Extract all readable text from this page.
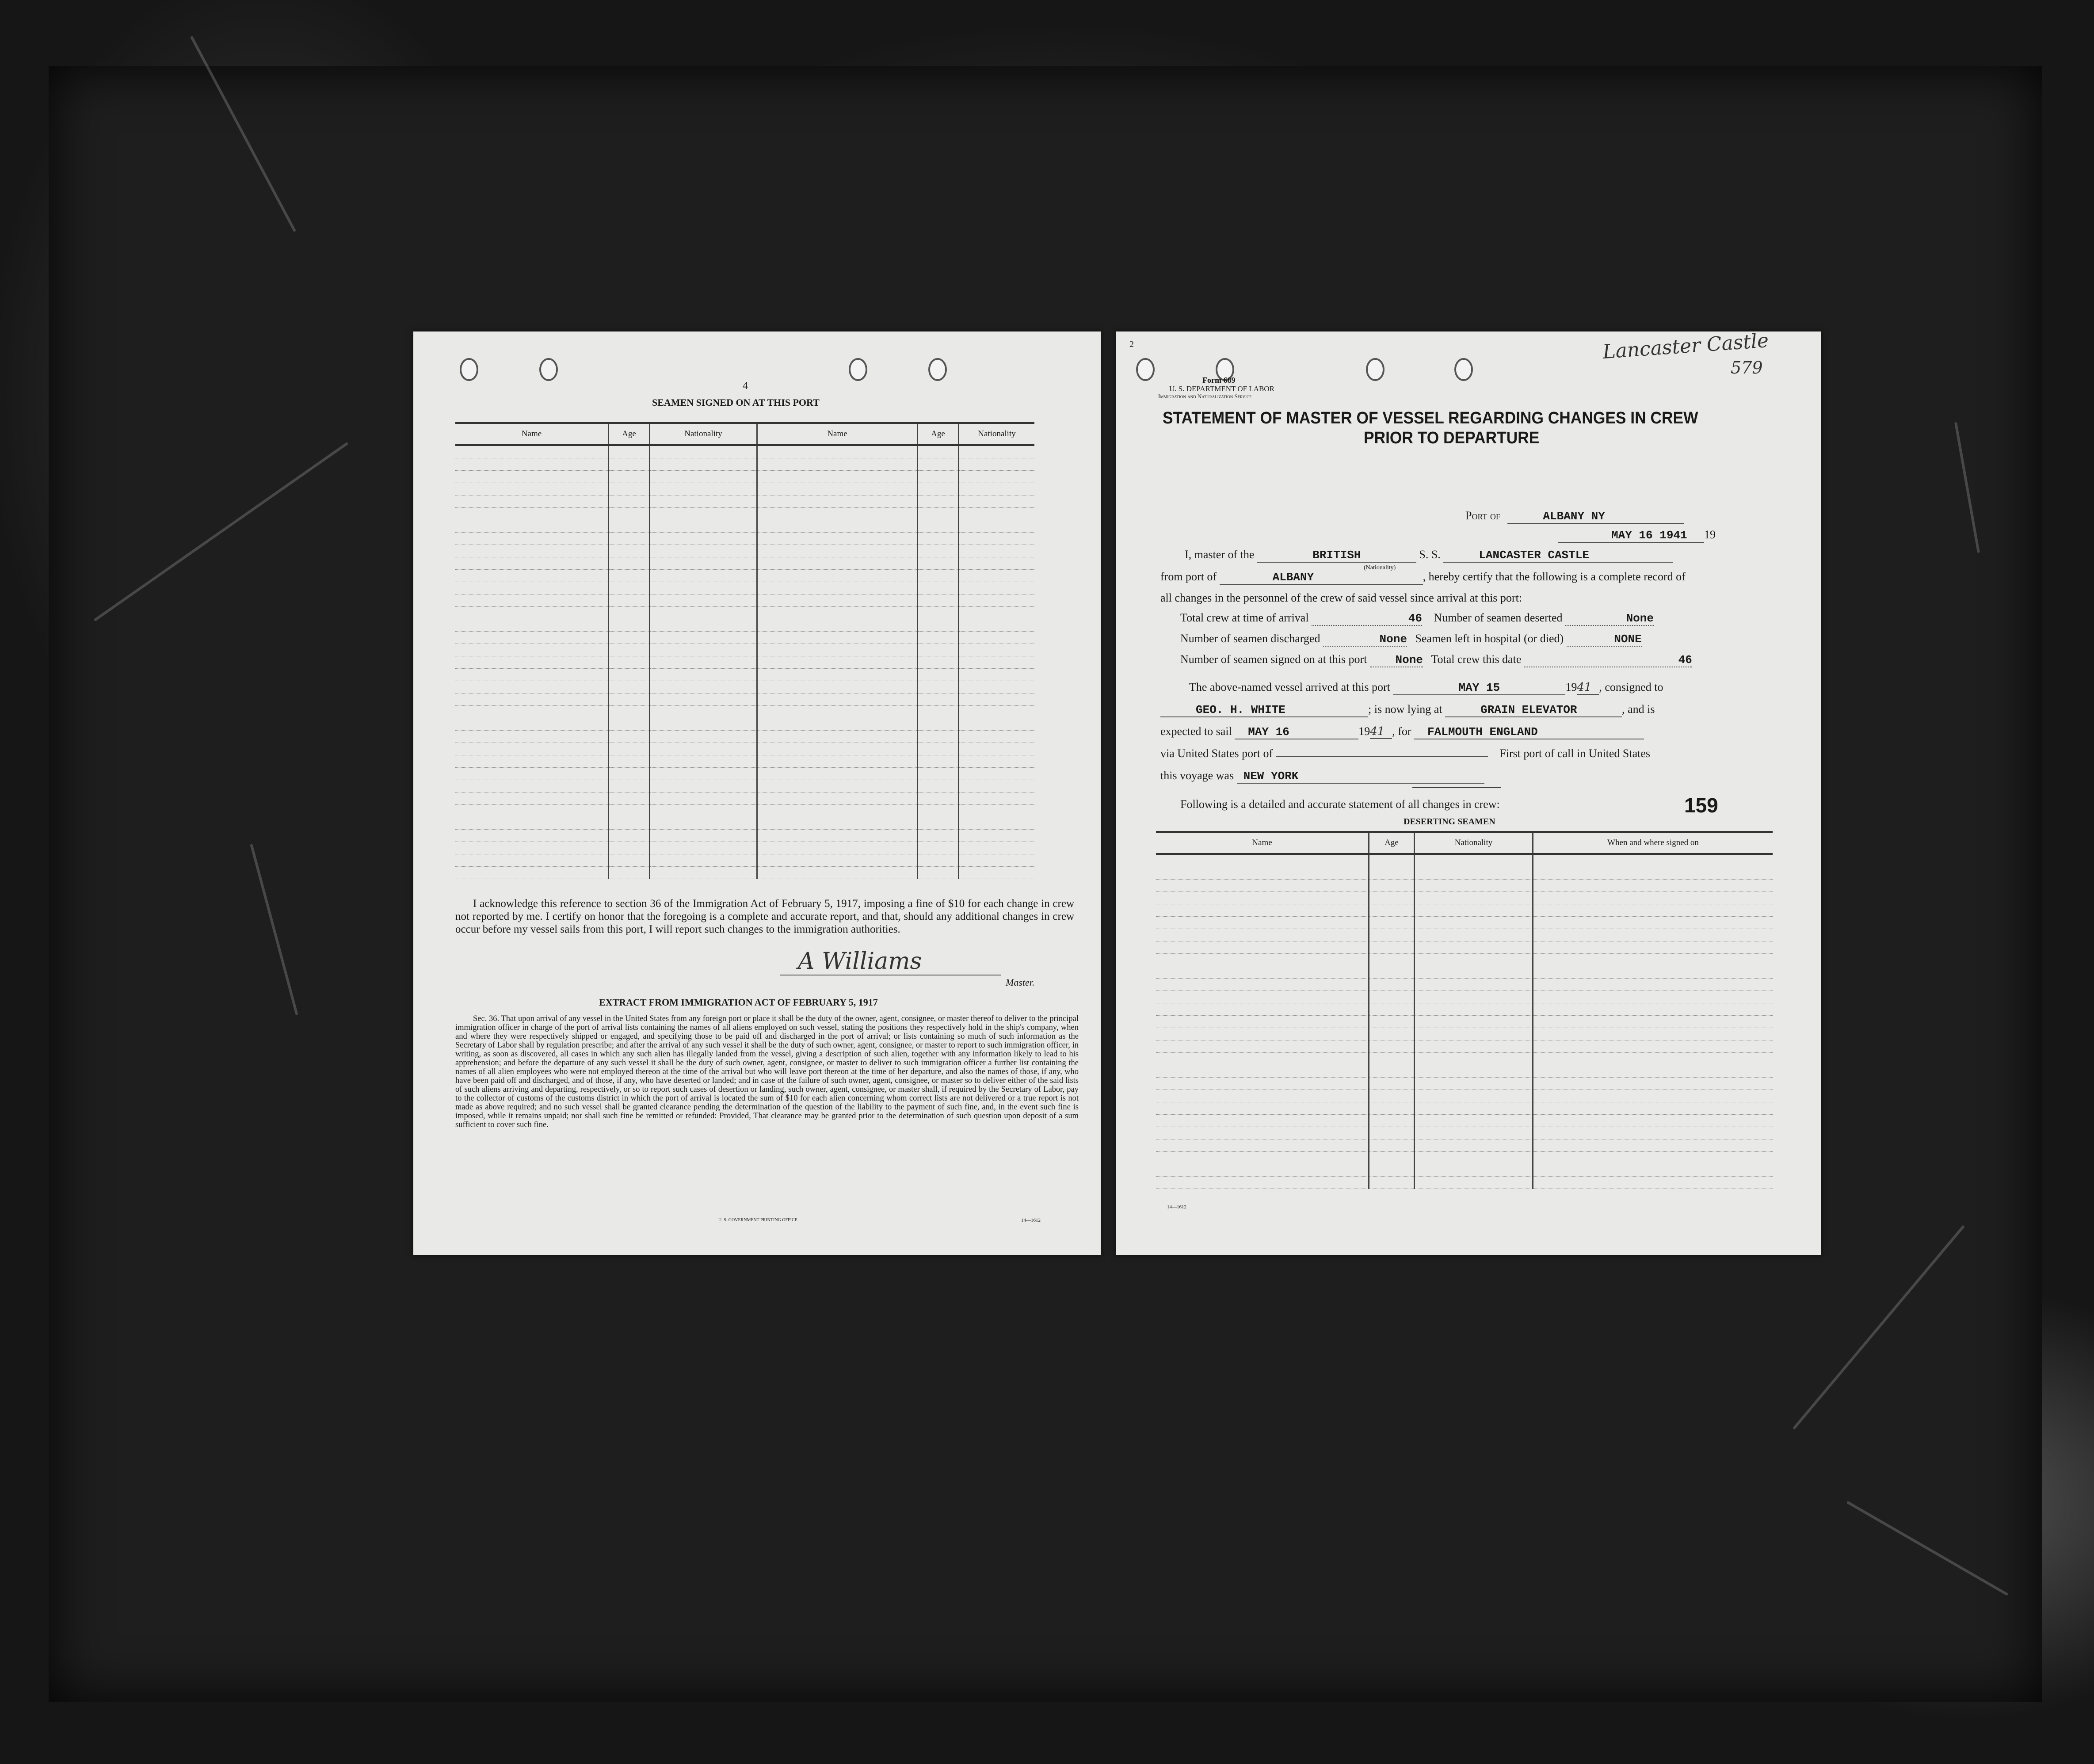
4
SEAMEN SIGNED ON AT THIS PORT
Name	Age	Nationality	Name	Age	Nationality

I acknowledge this reference to section 36 of the Immigration Act of February 5, 1917, imposing a fine of $10 for each change in crew not reported by me. I certify on honor that the foregoing is a complete and accurate report, and that, should any additional changes in crew occur before my vessel sails from this port, I will report such changes to the immigration authorities.
A Williams
Master.
EXTRACT FROM IMMIGRATION ACT OF FEBRUARY 5, 1917
Sec. 36. That upon arrival of any vessel in the United States from any foreign port or place it shall be the duty of the owner, agent, consignee, or master thereof to deliver to the principal immigration officer in charge of the port of arrival lists containing the names of all aliens employed on such vessel, stating the positions they respectively hold in the ship's company, when and where they were respectively shipped or engaged, and specifying those to be paid off and discharged in the port of arrival; or lists containing so much of such information as the Secretary of Labor shall by regulation prescribe; and after the arrival of any such vessel it shall be the duty of such owner, agent, consignee, or master to report to such immigration officer, in writing, as soon as discovered, all cases in which any such alien has illegally landed from the vessel, giving a description of such alien, together with any information likely to lead to his apprehension; and before the departure of any such vessel it shall be the duty of such owner, agent, consignee, or master to deliver to such immigration officer a further list containing the names of all alien employees who were not employed thereon at the time of the arrival but who will leave port thereon at the time of her departure, and also the names of those, if any, who have been paid off and discharged, and of those, if any, who have deserted or landed; and in case of the failure of such owner, agent, consignee, or master so to deliver either of the said lists of such aliens arriving and departing, respectively, or so to report such cases of desertion or landing, such owner, agent, consignee, or master shall, if required by the Secretary of Labor, pay to the collector of customs of the customs district in which the port of arrival is located the sum of $10 for each alien concerning whom correct lists are not delivered or a true report is not made as above required; and no such vessel shall be granted clearance pending the determination of the question of the liability to the payment of such fine, and, in the event such fine is imposed, while it remains unpaid; nor shall such fine be remitted or refunded: Provided, That clearance may be granted prior to the determination of such question upon deposit of a sum sufficient to cover such fine.
U. S. GOVERNMENT PRINTING OFFICE	14—1612
2	Lancaster Castle
579
Form 689
U. S. DEPARTMENT OF LABOR
Immigration and Naturalization Service
STATEMENT OF MASTER OF VESSEL REGARDING CHANGES IN CREW
PRIOR TO DEPARTURE
Port of	ALBANY NY
MAY 16 1941 19
I, master of the	BRITISH	S. S.	LANCASTER CASTLE
(Nationality)
from port of	ALBANY	, hereby certify that the following is a complete record of
all changes in the personnel of the crew of said vessel since arrival at this port:
Total crew at time of arrival	46 Number of seamen deserted	None
Number of seamen discharged	None Seamen left in hospital (or died)	NONE
Number of seamen signed on at this port None Total crew this date	46
The above-named vessel arrived at this port	MAY 15	1941 , consigned to
GEO. H. WHITE	; is now lying at	GRAIN ELEVATOR	, and is
expected to sail MAY 16	1941 , for FALMOUTH ENGLAND
via United States port of	First port of call in United States
this voyage was NEW YORK
Following is a detailed and accurate statement of all changes in crew:	159
DESERTING SEAMEN
Name	Age	Nationality	When and where signed on

14—1612
